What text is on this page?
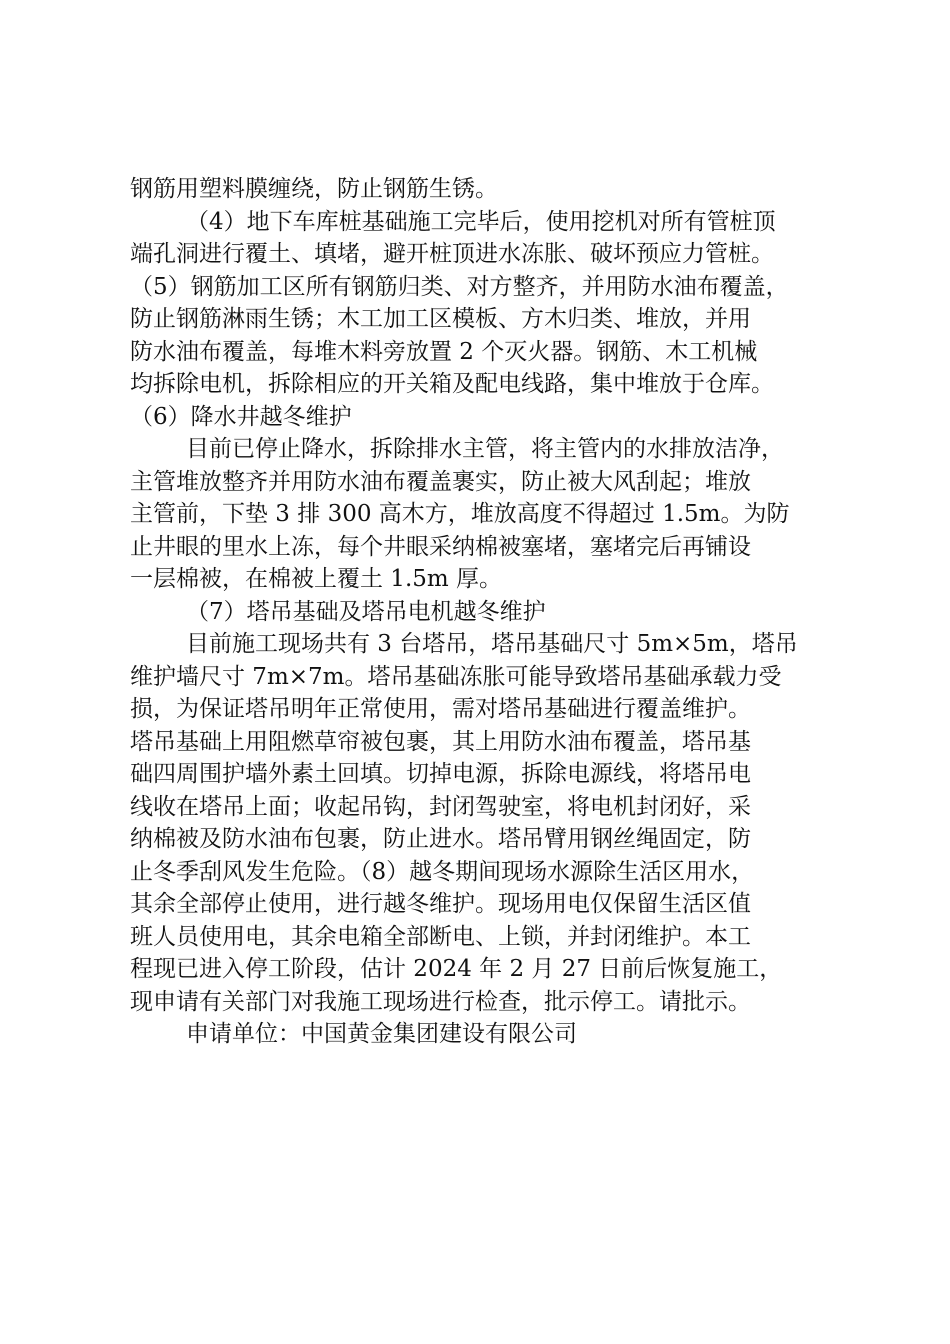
钢筋用塑料膜缠绕，防止钢筋生锈。
（4）地下车库桩基础施工完毕后，使用挖机对所有管桩顶
端孔洞进行覆土、填堵，避开桩顶进水冻胀、破坏预应力管桩。
（5）钢筋加工区所有钢筋归类、对方整齐，并用防水油布覆盖，
防止钢筋淋雨生锈；木工加工区模板、方木归类、堆放，并用
防水油布覆盖，每堆木料旁放置 2 个灭火器。钢筋、木工机械
均拆除电机，拆除相应的开关箱及配电线路，集中堆放于仓库。
（6）降水井越冬维护
目前已停止降水，拆除排水主管，将主管内的水排放洁净，
主管堆放整齐并用防水油布覆盖裹实，防止被大风刮起；堆放
主管前，下垫 3 排 300 高木方，堆放高度不得超过 1.5m。为防
止井眼的里水上冻，每个井眼采纳棉被塞堵，塞堵完后再铺设
一层棉被，在棉被上覆土 1.5m 厚。
（7）塔吊基础及塔吊电机越冬维护
目前施工现场共有 3 台塔吊，塔吊基础尺寸 5m×5m，塔吊
维护墙尺寸 7m×7m。塔吊基础冻胀可能导致塔吊基础承载力受
损，为保证塔吊明年正常使用，需对塔吊基础进行覆盖维护。
塔吊基础上用阻燃草帘被包裹，其上用防水油布覆盖，塔吊基
础四周围护墙外素土回填。切掉电源，拆除电源线，将塔吊电
线收在塔吊上面；收起吊钩，封闭驾驶室，将电机封闭好，采
纳棉被及防水油布包裹，防止进水。塔吊臂用钢丝绳固定，防
止冬季刮风发生危险。（8）越冬期间现场水源除生活区用水，
其余全部停止使用，进行越冬维护。现场用电仅保留生活区值
班人员使用电，其余电箱全部断电、上锁，并封闭维护。本工
程现已进入停工阶段，估计 2024 年 2 月 27 日前后恢复施工，
现申请有关部门对我施工现场进行检查，批示停工。请批示。
申请单位：中国黄金集团建设有限公司
